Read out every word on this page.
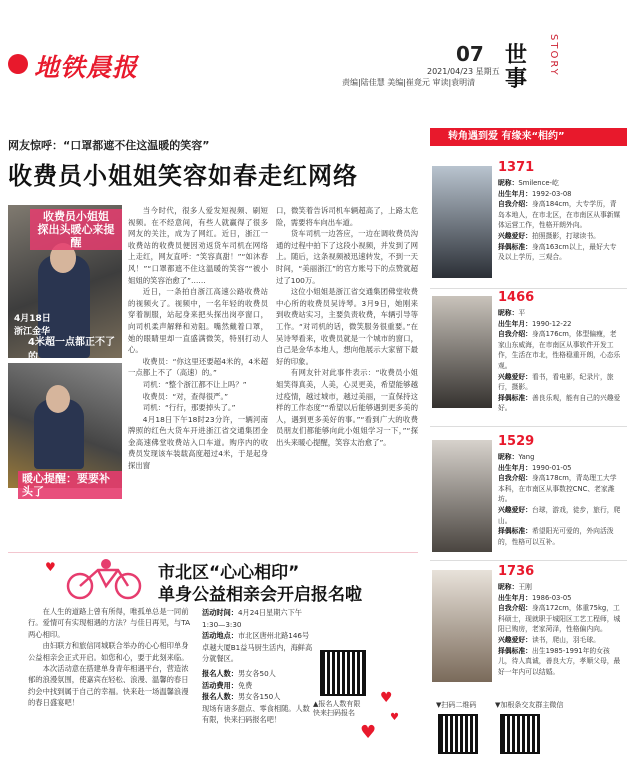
地铁晨报	07
2021/04/23 星期五
责编|陆佳慧 美编|崔竟元 审读|袁明清
世事
STORY
转角遇到爱 有缘来“相约”
网友惊呼：“口罩都遮不住这温暖的笑容”
收费员小姐姐笑容如春走红网络
收费员小姐姐
探出头暖心来提醒
4月18日
浙江金华
4米超一点都正不了的
暖心提醒：要要补头了

当今时代，很多人爱发短视频、刷短视频。在不经意间，有些人就赢得了很多网友的关注，成为了网红。近日，浙江一收费站的收费员便因劝返货车司机在网络上走红，网友直呼：“笑容真甜！”“如沐春风！”“口罩都遮不住这温暖的笑容”“被小姐姐的笑容治愈了”……

近日，一条拍自浙江高速公路收费站的视频火了。视频中，一名年轻的收费员穿着制服，站起身来把头探出岗亭窗口，向司机柔声解释和劝阻。嘴然戴着口罩，她的眼睛里却一直盛满微笑，特别打动人心。

收费员：“你这里还要超4米的，4米超一点都上不了（高速）的。”

司机：“整个浙江都不让上吗？”

收费员：“对，查得很严。”

司机：“行行，那要掉头了。”

4月18日下午18时23分许，一辆河南牌照的红色大货车开进浙江省交通集团金金高速佛堂收费站入口车道。购序内的收费员发现该车装载高度超过4米，于是起身探出窗

口，微笑着告诉司机车辆超高了，上路太危险，需要将车向出车道。

货车司机一边答应，一边在调收费员沟通的过程中拍下了这段小视频，并发到了网上。随后，这条视频被迅速转发，不到一天时间，“美丽浙江”的官方账号下的点赞就超过了100万。

这位小姐姐是浙江省交通集团佛堂收费中心所的收费员吴诗琴。3月9日，她刚来到收费站实习，主要负责收费，车辆引导等工作。“对司机的话，微笑服务很重要。”在吴诗琴看来，收费员就是一个城市的窗口，自己是金华本地人，想向他展示大家留下最好的印象。

有网友针对此事件表示：“收费员小姐姐笑得真美，人美，心灵更美，希望能够越过疫情，越过城市，越过美丽，一直保持这样的工作态度”“希望以后能够遇到更多美的人，遇到更多美好的事。”“看到广大的收费员朋友们都能够向此小姐姐学习一下，”“探出头来暖心提醒，笑容太治愈了”。

1371
昵称：Smilence-屹
出生年月：1992-03-08
自我介绍：身高184cm，大专学历，青岛本地人，在市北区，在市南区从事新媒体运营工作，性格开朗外向。
兴趣爱好：拍照摄影，打球读书。
择偶标准：身高163cm以上，最好大专及以上学历，三观合。
1466
昵称：平
出生年月：1990-12-22
自我介绍：身高176cm，体型偏瘦，老家山东威海，在市南区从事软件开发工作，生活在市北，性格稳重开朗，心态乐观。
兴趣爱好：看书，看电影，纪录片，旅行，摄影。
择偶标准：善良乐观，能有自己的兴趣爱好。
1529
昵称：Yang
出生年月：1990-01-05
自我介绍：身高178cm，青岛理工大学本科，在市南区从事数控CNC、老家潍坊。
兴趣爱好：台球，游戏，徒步，旅行，爬山。
择偶标准：希望阳光可爱的，外向活泼的，性格可以互补。
1736
昵称：王刚
出生年月：1986-03-05
自我介绍：身高172cm，体重75kg，工科硕士，现就职于城阳区工艺工程师，城阳已购房，老家菏泽，性格偏内向。
兴趣爱好：读书，爬山，羽毛球。
择偶标准：出生1985-1991年的女孩儿，待人真诚，善良大方，孝顺父母，最好一年内可以结婚。
♥
♥
♥
♥
市北区“心心相印”
单身公益相亲会开启报名啦

在人生的道路上曾有所得，唯孤单总是一同前行。爱情可有实现相遇的方法？与佳日再见，与TA两心相印。

由妇联方和旅信同城联合举办的心心相印单身公益相亲会正式开启。如您和心，要于此刻来临。

本次活动意在搭建单身青年相遇平台，营造浓郁的浪漫氛围，使嘉宾在轻松、浪漫、温馨的春日约会中找到属于自己的幸福。快来赴一场温馨浪漫的春日盛宴吧！

活动时间：4月24日星期六下午1:30—3:30
活动地点：市北区唐州北路146号卓越大厦B1益马厨生活内，海鲜高分就餐区。
报名人数：男女各50人
活动费用：免费
报名人数：男女各150人
现场有诸多甜点、零食相随。人数有限，快来扫码报名吧！
▲报名人数有限
快来扫码报名
▼扫码二维码	▼加根条交友群主微信
